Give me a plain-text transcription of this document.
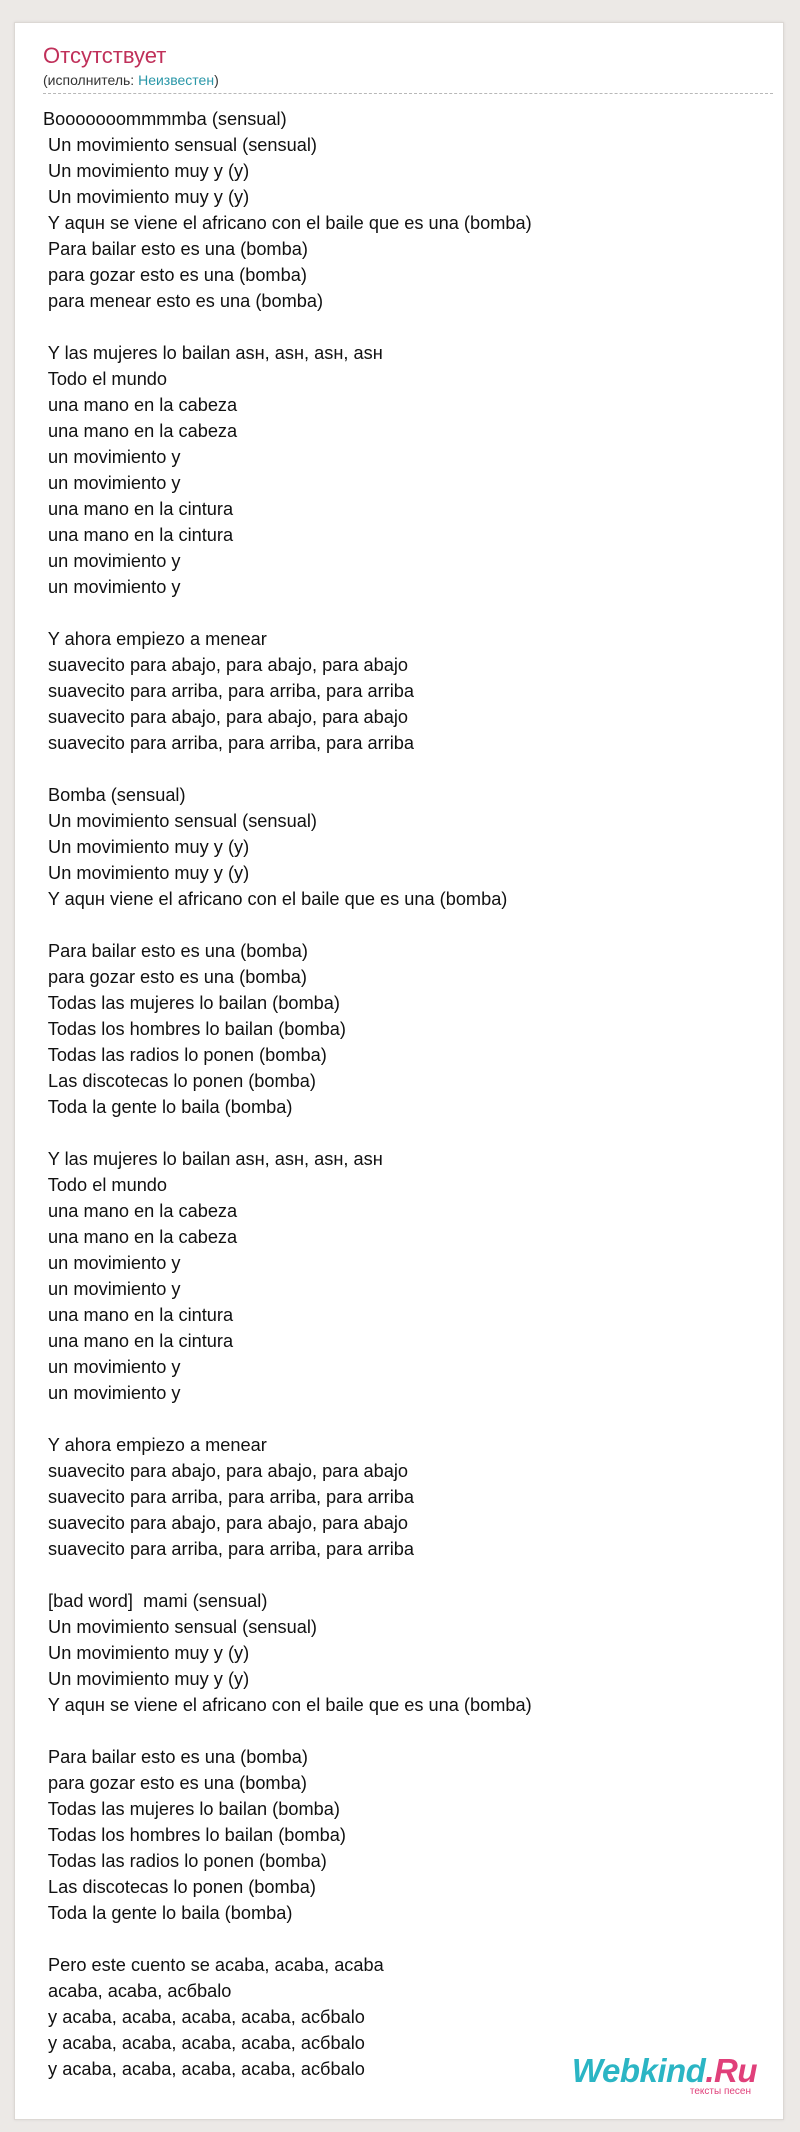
Отсутствует
(исполнитель: Неизвестен)
Booooooommmmba (sensual)
Un movimiento sensual (sensual)
Un movimiento muy y (y)
Un movimiento muy y (y)
Y aquн se viene el africano con el baile que es una (bomba)
Para bailar esto es una (bomba)
para gozar esto es una (bomba)
para menear esto es una (bomba)
Y las mujeres lo bailan asн, asн, asн, asн
Todo el mundo
una mano en la cabeza
una mano en la cabeza
un movimiento y
un movimiento y
una mano en la cintura
una mano en la cintura
un movimiento y
un movimiento y
Y ahora empiezo a menear
suavecito para abajo, para abajo, para abajo
suavecito para arriba, para arriba, para arriba
suavecito para abajo, para abajo, para abajo
suavecito para arriba, para arriba, para arriba
Bomba (sensual)
Un movimiento sensual (sensual)
Un movimiento muy y (y)
Un movimiento muy y (y)
Y aquн viene el africano con el baile que es una (bomba)
Para bailar esto es una (bomba)
para gozar esto es una (bomba)
Todas las mujeres lo bailan (bomba)
Todas los hombres lo bailan (bomba)
Todas las radios lo ponen (bomba)
Las discotecas lo ponen (bomba)
Toda la gente lo baila (bomba)
Y las mujeres lo bailan asн, asн, asн, asн
Todo el mundo
una mano en la cabeza
una mano en la cabeza
un movimiento y
un movimiento y
una mano en la cintura
una mano en la cintura
un movimiento y
un movimiento y
Y ahora empiezo a menear
suavecito para abajo, para abajo, para abajo
suavecito para arriba, para arriba, para arriba
suavecito para abajo, para abajo, para abajo
suavecito para arriba, para arriba, para arriba
[bad word]  mami (sensual)
Un movimiento sensual (sensual)
Un movimiento muy y (y)
Un movimiento muy y (y)
Y aquн se viene el africano con el baile que es una (bomba)
Para bailar esto es una (bomba)
para gozar esto es una (bomba)
Todas las mujeres lo bailan (bomba)
Todas los hombres lo bailan (bomba)
Todas las radios lo ponen (bomba)
Las discotecas lo ponen (bomba)
Toda la gente lo baila (bomba)
Pero este cuento se acaba, acaba, acaba
acaba, acaba, acбbalo
y acaba, acaba, acaba, acaba, acбbalo
y acaba, acaba, acaba, acaba, acбbalo
y acaba, acaba, acaba, acaba, acбbalo	Webkind.Ru
тексты песен
